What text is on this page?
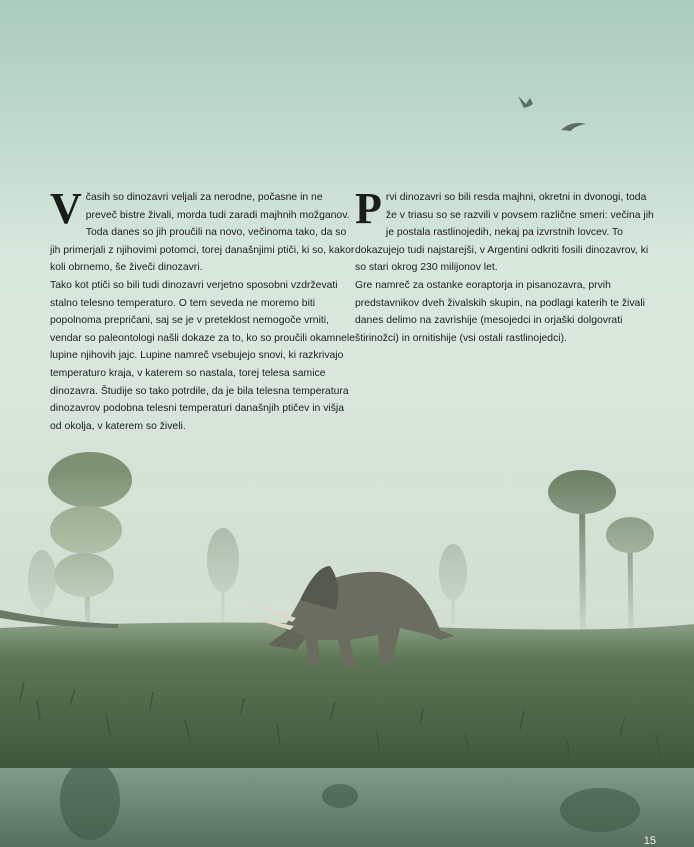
V časih so dinozavri veljali za nerodne, počasne in ne preveč bistre živali, morda tudi zaradi majhnih možganov. Toda danes so jih proučili na novo, večinoma tako, da so jih primerjali z njihovimi potomci, torej današnjimi ptiči, ki so, kakor koli obrnemo, še živeči dinozavri.

Tako kot ptiči so bili tudi dinozavri verjetno sposobni vzdrževati stalno telesno temperaturo. O tem seveda ne moremo biti popolnoma prepričani, saj se je v preteklost nemogoče vrniti, vendar so paleontologi našli dokaze za to, ko so proučili okamnele lupine njihovih jajc. Lupine namreč vsebujejo snovi, ki razkrivajo temperaturo kraja, v katerem so nastala, torej telesa samice dinozavra. Študije so tako potrdile, da je bila telesna temperatura dinozavrov podobna telesni temperaturi današnjih ptičev in višja od okolja, v katerem so živeli.

P rvi dinozavri so bili resda majhni, okretni in dvonogi, toda že v triasu so se razvili v povsem različne smeri: večina jih je postala rastlinojedih, nekaj pa izvrstnih lovcev. To dokazujejo tudi najstarejši, v Argentini odkriti fosili dinozavrov, ki so stari okrog 230 milijonov let.

Gre namreč za ostanke eoraptorja in pisanozavra, prvih predstavnikov dveh živalskih skupin, na podlagi katerih te živali danes delimo na zavrishije (mesojedci in orjaški dolgovrati štirinožci) in ornitishije (vsi ostali rastlinojedci).

15
